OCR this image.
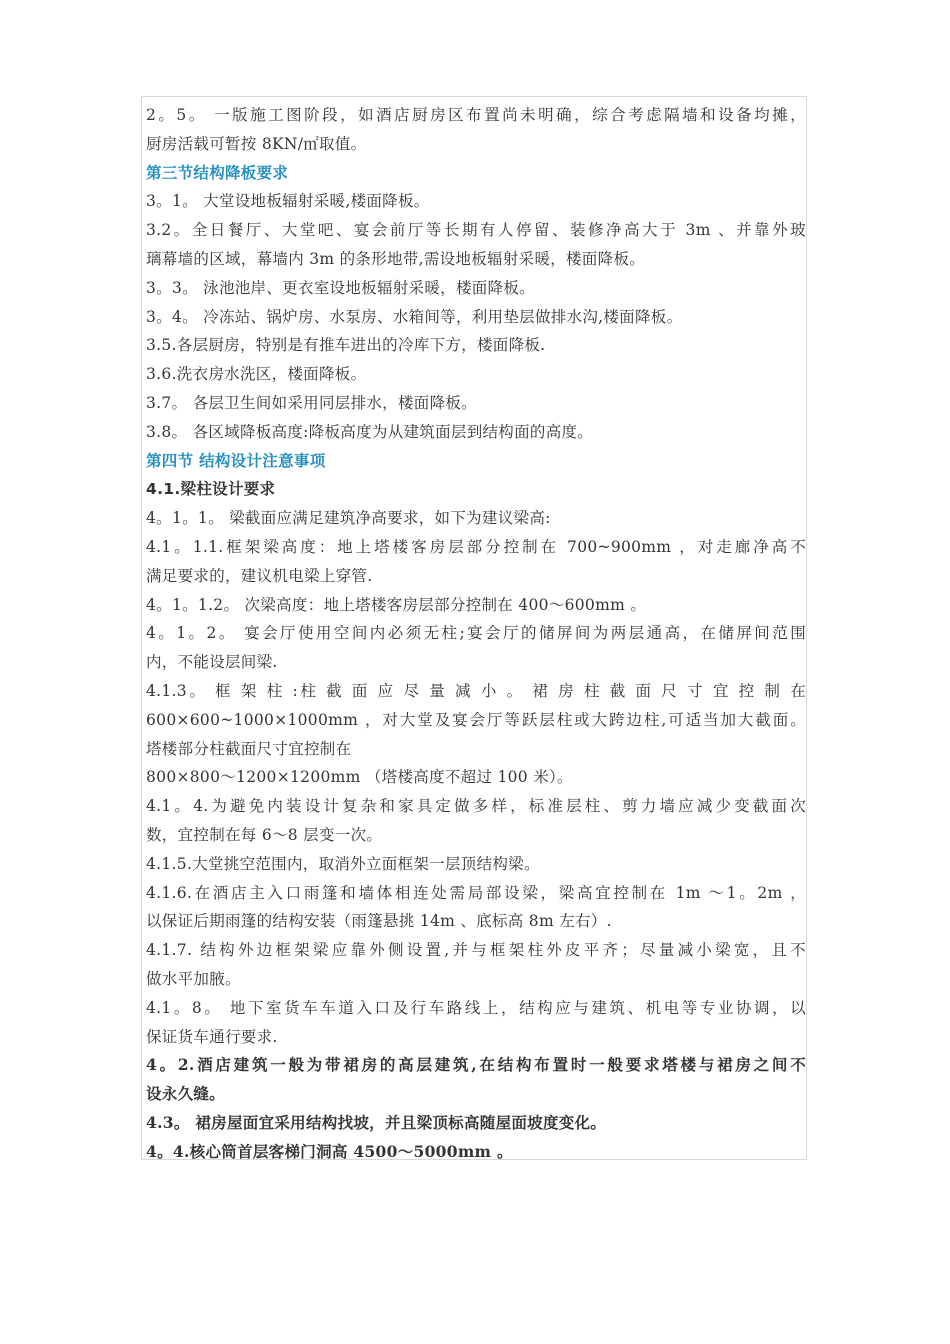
2。5。 一版施工图阶段，如酒店厨房区布置尚未明确，综合考虑隔墙和设备均摊，
厨房活载可暂按 8KN/㎡取值。
第三节结构降板要求
3。1。 大堂设地板辐射采暖,楼面降板。
3.2。全日餐厅、大堂吧、宴会前厅等长期有人停留、装修净高大于 3m 、并靠外玻
璃幕墙的区域，幕墙内 3m 的条形地带,需设地板辐射采暖，楼面降板。
3。3。 泳池池岸、更衣室设地板辐射采暖，楼面降板。
3。4。 冷冻站、锅炉房、水泵房、水箱间等，利用垫层做排水沟,楼面降板。
3.5.各层厨房，特别是有推车进出的冷库下方，楼面降板.
3.6.洗衣房水洗区，楼面降板。
3.7。 各层卫生间如采用同层排水，楼面降板。
3.8。 各区域降板高度:降板高度为从建筑面层到结构面的高度。
第四节 结构设计注意事项
4.1.梁柱设计要求
4。1。1。 梁截面应满足建筑净高要求，如下为建议梁高:
4.1。1.1.框架梁高度：地上塔楼客房层部分控制在 700~900mm ，对走廊净高不
满足要求的，建议机电梁上穿管.
4。1。1.2。 次梁高度：地上塔楼客房层部分控制在 400～600mm 。
4。1。2。 宴会厅使用空间内必须无柱;宴会厅的储屏间为两层通高，在储屏间范围
内，不能设层间梁.
4.1.3。 框 架 柱 :柱 截 面 应 尽 量 减 小 。 裙 房 柱 截 面 尺 寸 宜 控 制 在
600×600~1000×1000mm ，对大堂及宴会厅等跃层柱或大跨边柱,可适当加大截面。
塔楼部分柱截面尺寸宜控制在
800×800～1200×1200mm （塔楼高度不超过 100 米）。
4.1。4.为避免内装设计复杂和家具定做多样，标准层柱、剪力墙应减少变截面次
数，宜控制在每 6～8 层变一次。
4.1.5.大堂挑空范围内，取消外立面框架一层顶结构梁。
4.1.6.在酒店主入口雨篷和墙体相连处需局部设梁，梁高宜控制在 1m ～1。2m ，
以保证后期雨篷的结构安装（雨篷悬挑 14m 、底标高 8m 左右）.
4.1.7. 结构外边框架梁应靠外侧设置,并与框架柱外皮平齐；尽量减小梁宽，且不
做水平加腋。
4.1。8。 地下室货车车道入口及行车路线上，结构应与建筑、机电等专业协调，以
保证货车通行要求.
4。2.酒店建筑一般为带裙房的高层建筑,在结构布置时一般要求塔楼与裙房之间不
设永久缝。
4.3。 裙房屋面宜采用结构找坡，并且梁顶标高随屋面坡度变化。
4。4.核心筒首层客梯门洞高 4500～5000mm 。
